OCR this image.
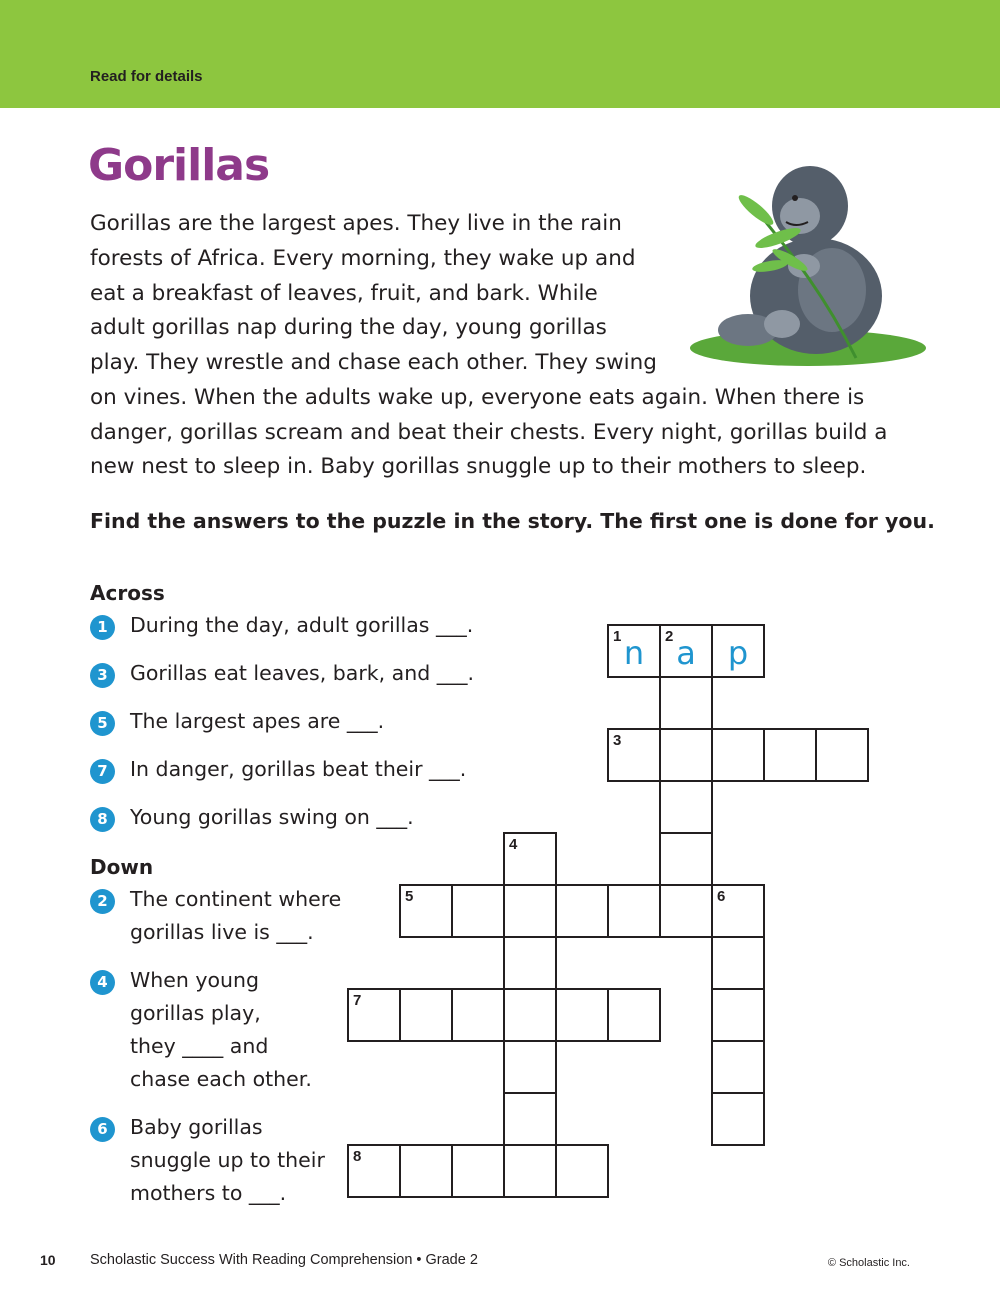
Read for details
Gorillas
Gorillas are the largest apes. They live in the rain
forests of Africa. Every morning, they wake up and
eat a breakfast of leaves, fruit, and bark. While
adult gorillas nap during the day, young gorillas
play. They wrestle and chase each other. They swing
on vines. When the adults wake up, everyone eats again. When there is
danger, gorillas scream and beat their chests. Every night, gorillas build a
new nest to sleep in. Baby gorillas snuggle up to their mothers to sleep.
Find the answers to the puzzle in the story. The first one is done for you.
Across
1	During the day, adult gorillas ___.
3	Gorillas eat leaves, bark, and ___.
5	The largest apes are ___.
7	In danger, gorillas beat their ___.
8	Young gorillas swing on ___.
Down
2	The continent where
gorillas live is ___.
4	When young
gorillas play,
they ____ and
chase each other.
6	Baby gorillas
snuggle up to their
mothers to ___.
1 n	2 a	p
3
4
5	6
7
8
10 Scholastic Success With Reading Comprehension • Grade 2	© Scholastic Inc.
